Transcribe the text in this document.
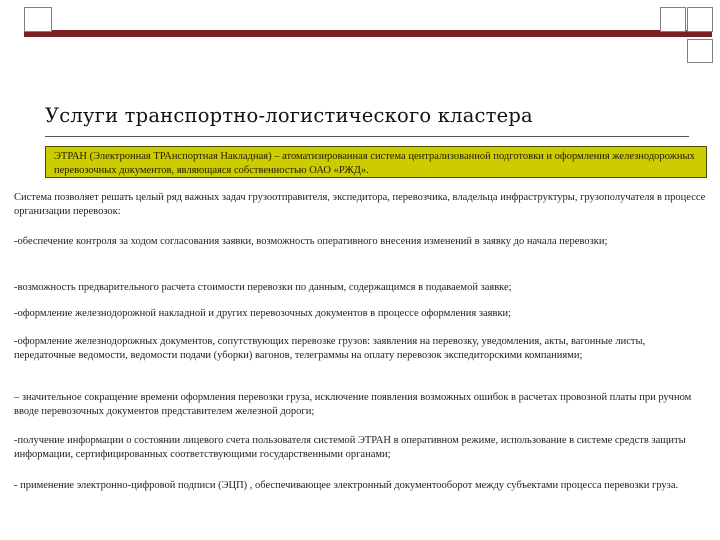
Услуги транспортно-логистического кластера
ЭТРАН (Электронная ТРАнспортная Накладная) – атоматизированная система централизованной подготовки и оформления железнодорожных перевозочных документов, являющаяся собственностью ОАО «РЖД».

Система позволяет решать целый ряд важных задач грузоотправителя, экспедитора, перевозчика, владельца инфраструктуры, грузополучателя в процессе организации перевозок:

-обеспечение контроля за ходом согласования заявки, возможность оперативного внесения изменений в заявку до начала перевозки;

-возможность предварительного расчета стоимости перевозки по данным, содержащимся в подаваемой заявке;

-оформление железнодорожной накладной и других перевозочных документов в процессе оформления заявки;

-оформление железнодорожных документов, сопутствующих перевозке грузов: заявления на перевозку, уведомления, акты, вагонные листы, передаточные ведомости, ведомости подачи (уборки) вагонов, телеграммы на оплату перевозок экспедиторскими компаниями;

– значительное сокращение времени оформления перевозки груза, исключение появления возможных ошибок в расчетах провозной платы при ручном вводе перевозочных документов представителем железной дороги;

-получение информации о состоянии лицевого счета пользователя системой ЭТРАН в оперативном режиме, использование в системе средств защиты информации, сертифицированных соответствующими государственными органами;

- применение электронно-цифровой подписи (ЭЦП) , обеспечивающее электронный документооборот между субъектами процесса перевозки груза.
